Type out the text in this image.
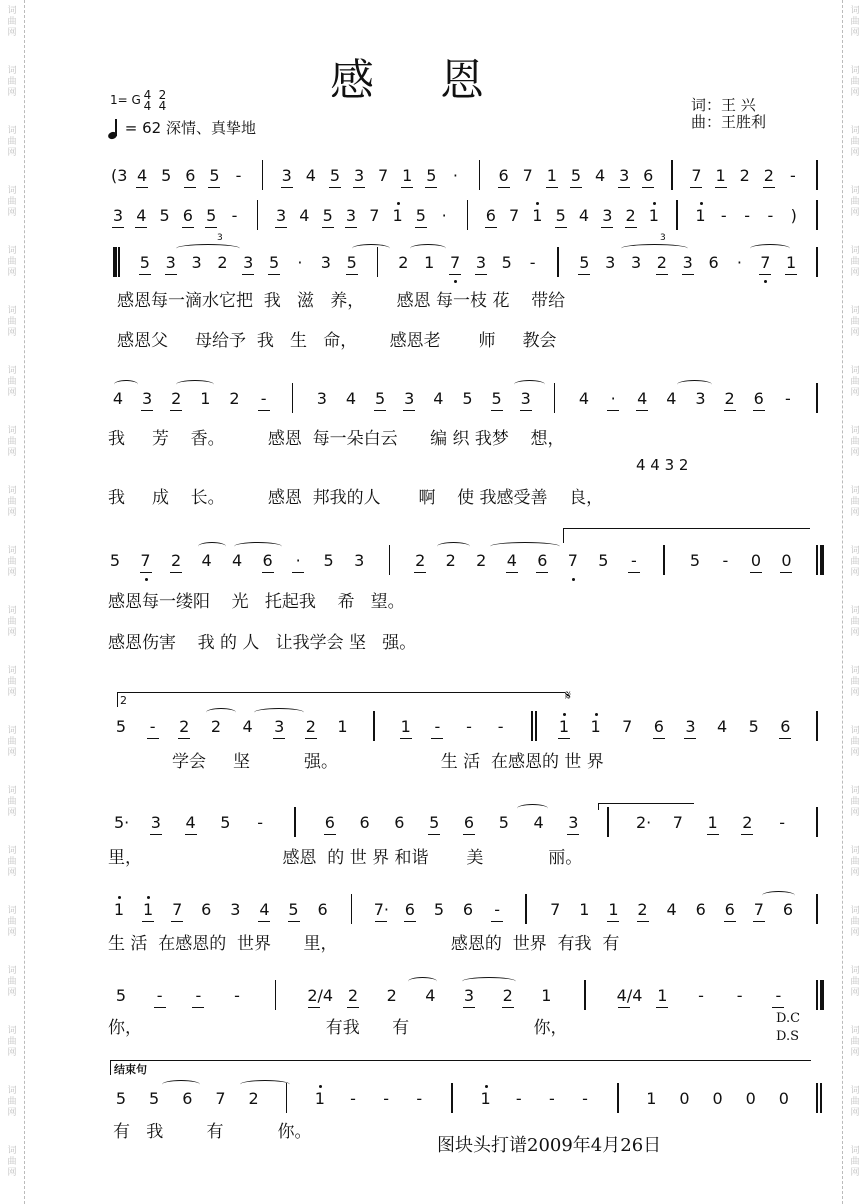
词
曲
网
词
曲
网
词
曲
网
词
曲
网
词
曲
网
词
曲
网
词
曲
网
词
曲
网
词
曲
网
词
曲
网
词
曲
网
词
曲
网
词
曲
网
词
曲
网
词
曲
网
词
曲
网
词
曲
网
词
曲
网
词
曲
网
词
曲
网
词
曲
网
词
曲
网
词
曲
网
词
曲
网
词
曲
网
词
曲
网
词
曲
网
词
曲
网
词
曲
网
词
曲
网
词
曲
网
词
曲
网
词
曲
网
词
曲
网
词
曲
网
词
曲
网
词
曲
网
词
曲
网
词
曲
网
词
曲
网
感恩
1= G 4
4
2
4
= 62 深情、真挚地
词：王 兴
曲：王胜利
(3 4 5 6 5 -	3 4 5 3 7 1 5 ·	6 7 1 5 4 3 6 7 1 2 2 -
3 4 5 6 5 - 3 4 5 3 7 1 5 · 6 7 1 5 4 3 2 1 1 - - - )
5 3 3 2 3 5 · 3 5	2 1 7 3 5 -	5 3 3 2 3 6 · 7 1
3	3
4 3 2 1 2 -	3 4 5 3 4 5 5 3	4 · 4 4 3 2 6 -
5 7 2 4 4 6 · 5 3	2 2 2 4 6 7 5 -	5 - 0 0
5 - 2 2 4 3 2 1	1 - - -	1 1 7 6 3 4 5 6
5· 3 4 5 -	6 6 6 5 6 5 4 3	2· 7 1 2 -
1 1 7 6 3 4 5 6	7· 6 5 6 -	7 1 1 2 4 6 6 7 6
5 - - -	2/4 2 2 4 3 2 1	4/4 1 - - -
5 5 6 7 2	1 - - -	1 - - -	1 0 0 0 0
感恩每一滴水它把  我   滋   养，      感恩 每一枝 花    带给
感恩父     母给予  我   生   命，      感恩老       师     教会
我     芳    香。        感恩  每一朵白云      编 织 我梦    想，
我     成    长。        感恩  邦我的人       啊    使 我感受善    良，
感恩每一缕阳    光   托起我    希   望。
感恩伤害    我 的 人   让我学会 坚   强。
学会     坚          强。                   生 活  在感恩的 世 界
里，                          感恩  的 世 界 和谐       美            丽。
生 活  在感恩的  世界      里，                     感恩的  世界  有我  有
你，                                  有我      有                       你，
有   我        有          你。
4 4 3 2
2	𝄋
结束句
D.C
D.S
图块头打谱2009年4月26日
